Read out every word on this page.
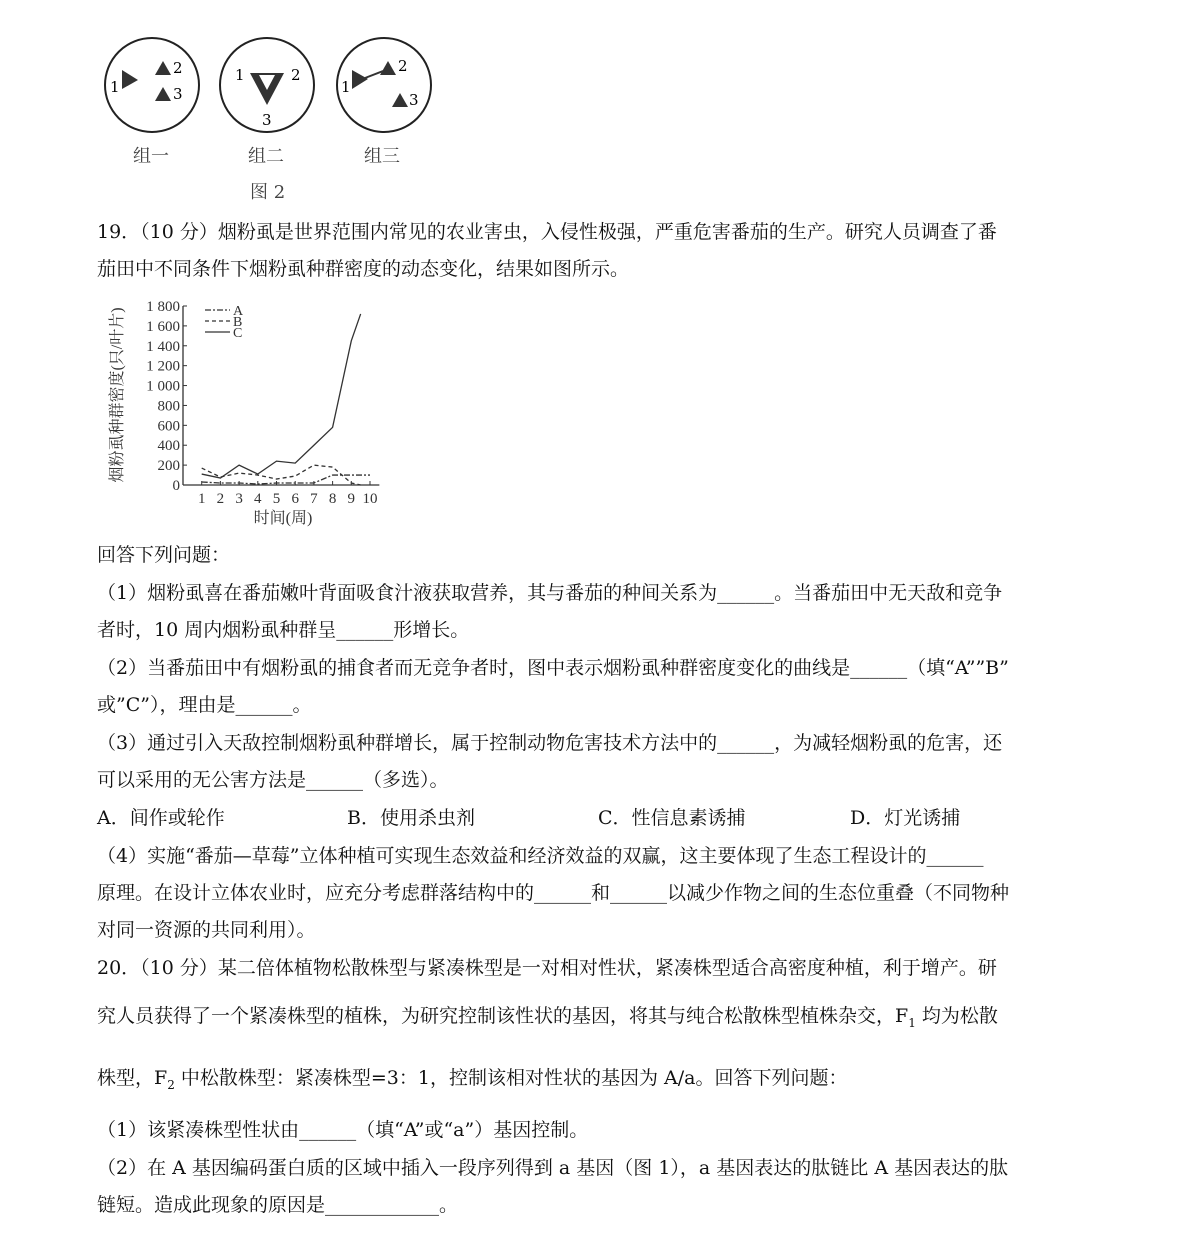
1
2
3
1	2
3
2
1
3
组一	组二	组三
图 2
19．（10 分）烟粉虱是世界范围内常见的农业害虫，入侵性极强，严重危害番茄的生产。研究人员调查了番
茄田中不同条件下烟粉虱种群密度的动态变化，结果如图所示。
烟粉虱种群密度(只/叶片)
时间(周)
0
200
400
600
800
1 000
1 200
1 400
1 600
1 800
1 2 3 4 5 6 7 8 9 10
A
B
C
回答下列问题：
（1）烟粉虱喜在番茄嫩叶背面吸食汁液获取营养，其与番茄的种间关系为______。当番茄田中无天敌和竞争
者时，10 周内烟粉虱种群呈______形增长。
（2）当番茄田中有烟粉虱的捕食者而无竞争者时，图中表示烟粉虱种群密度变化的曲线是______（填“A””B”
或”C”），理由是______。
（3）通过引入天敌控制烟粉虱种群增长，属于控制动物危害技术方法中的______，为减轻烟粉虱的危害，还
可以采用的无公害方法是______（多选）。
A．间作或轮作	B．使用杀虫剂	C．性信息素诱捕	D．灯光诱捕
（4）实施“番茄—草莓”立体种植可实现生态效益和经济效益的双赢，这主要体现了生态工程设计的______
原理。在设计立体农业时，应充分考虑群落结构中的______和______以减少作物之间的生态位重叠（不同物种
对同一资源的共同利用）。
20．（10 分）某二倍体植物松散株型与紧凑株型是一对相对性状，紧凑株型适合高密度种植，利于增产。研
究人员获得了一个紧凑株型的植株，为研究控制该性状的基因，将其与纯合松散株型植株杂交，$F_1$ 均为松散
株型，$F_2$ 中松散株型：紧凑株型=3：1，控制该相对性状的基因为 A/a。回答下列问题：
（1）该紧凑株型性状由______（填“A”或“a”）基因控制。
（2）在 A 基因编码蛋白质的区域中插入一段序列得到 a 基因（图 1），a 基因表达的肽链比 A 基因表达的肽
链短。造成此现象的原因是____________。
